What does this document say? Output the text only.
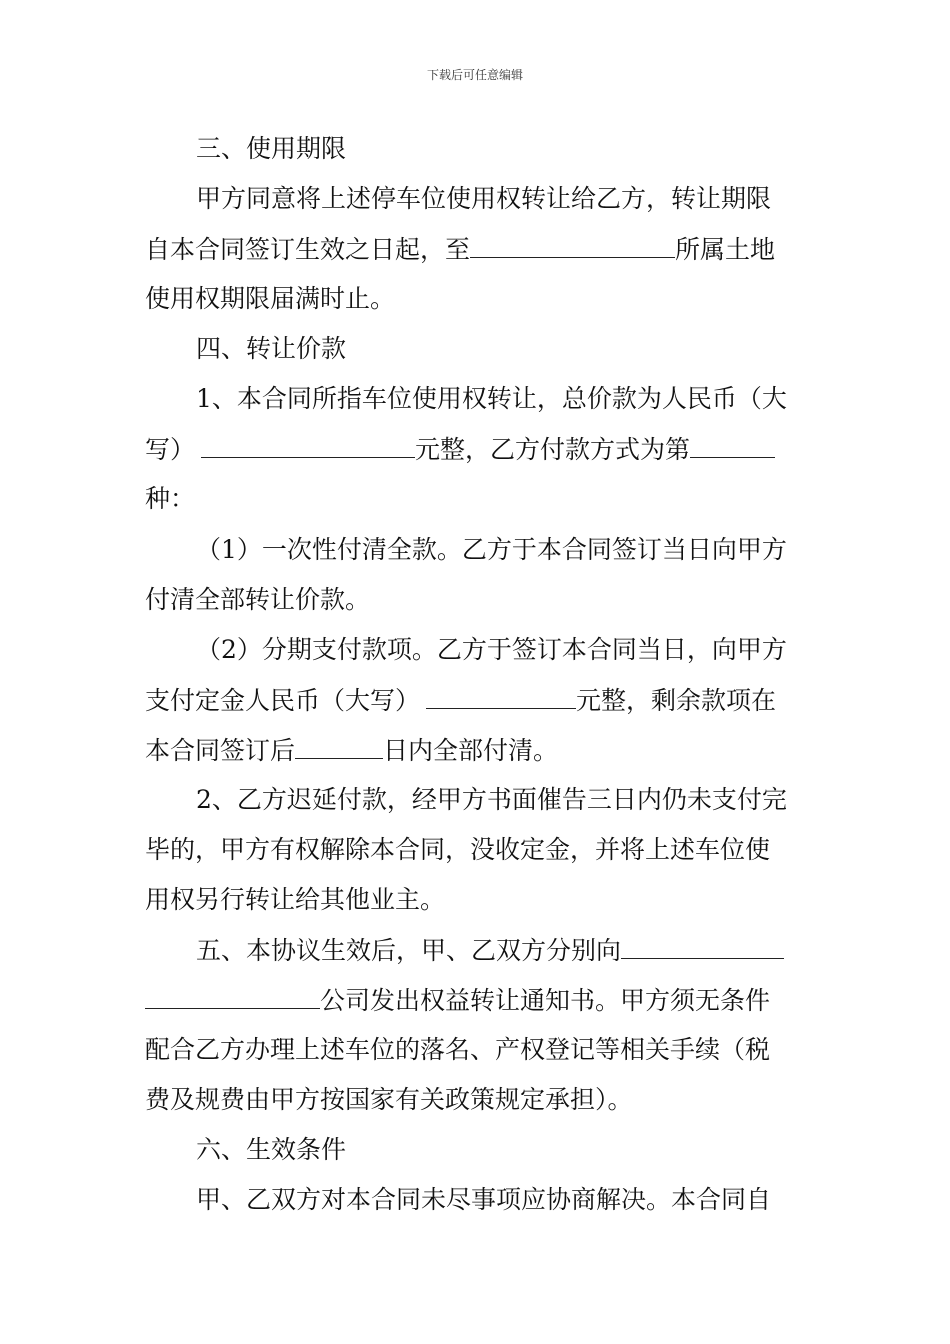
下载后可任意编辑
三、使用期限
甲方同意将上述停车位使用权转让给乙方，转让期限
自本合同签订生效之日起，至	所属土地
使用权期限届满时止。
四、转让价款
1、本合同所指车位使用权转让，总价款为人民币（大
写）	元整，乙方付款方式为第
种：
（1）一次性付清全款。乙方于本合同签订当日向甲方
付清全部转让价款。
（2）分期支付款项。乙方于签订本合同当日，向甲方
支付定金人民币（大写）	元整，剩余款项在
本合同签订后	日内全部付清。
2、乙方迟延付款，经甲方书面催告三日内仍未支付完
毕的，甲方有权解除本合同，没收定金，并将上述车位使
用权另行转让给其他业主。
五、本协议生效后，甲、乙双方分别向
公司发出权益转让通知书。甲方须无条件
配合乙方办理上述车位的落名、产权登记等相关手续（税
费及规费由甲方按国家有关政策规定承担）。
六、生效条件
甲、乙双方对本合同未尽事项应协商解决。本合同自
